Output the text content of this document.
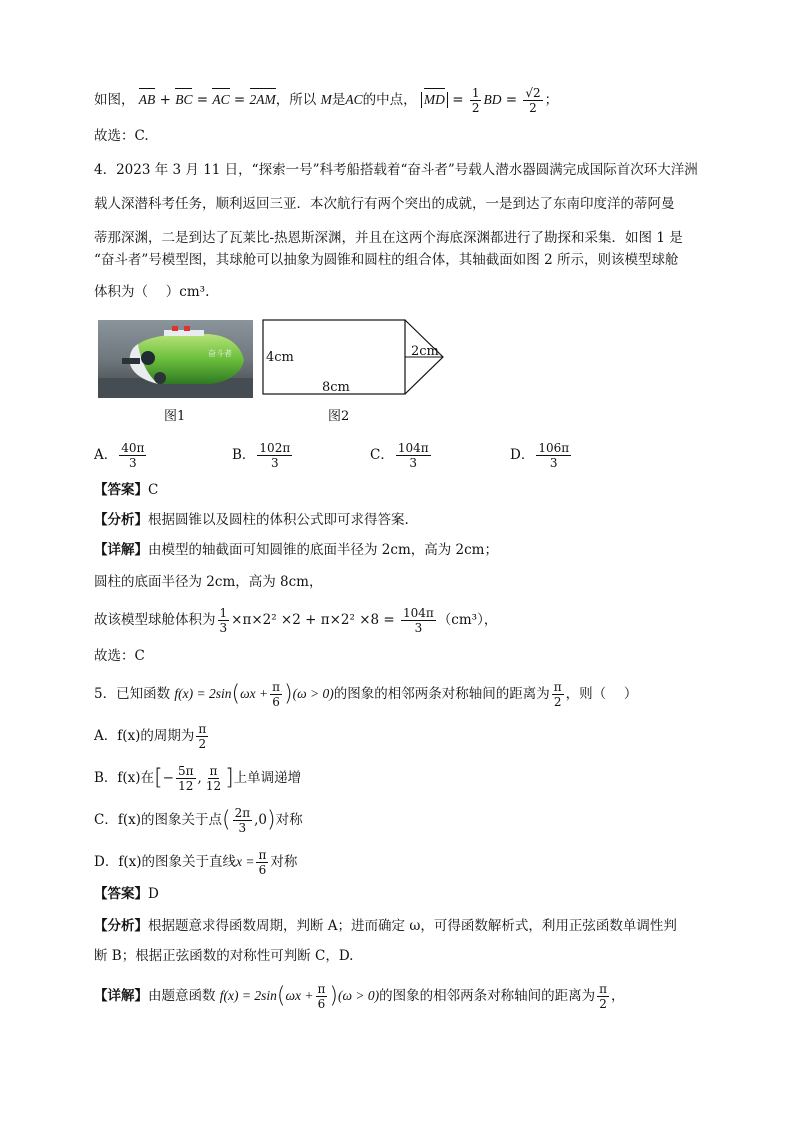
如图， AB + BC = AC = 2AM，所以 M是AC的中点， MD = $\frac{1}{2}$ BD = $\frac{√2}{2}$ ；
故选：C.
4．2023 年 3 月 11 日，“探索一号”科考船搭载着“奋斗者”号载人潜水器圆满完成国际首次环大洋洲
载人深潜科考任务，顺利返回三亚．本次航行有两个突出的成就，一是到达了东南印度洋的蒂阿曼
蒂那深渊，二是到达了瓦莱比-热恩斯深渊，并且在这两个海底深渊都进行了勘探和采集．如图 1 是
“奋斗者”号模型图，其球舱可以抽象为圆锥和圆柱的组合体，其轴截面如图 2 所示，则该模型球舱
体积为（　 ）cm³.
奋斗者
图1
4cm
8cm
2cm
图2
A． $\frac{40\pi}{3}$	B． $\frac{102\pi}{3}$	C． $\frac{104\pi}{3}$	D． $\frac{106\pi}{3}$
【答案】C
【分析】根据圆锥以及圆柱的体积公式即可求得答案.
【详解】由模型的轴截面可知圆锥的底面半径为 2cm，高为 2cm；
圆柱的底面半径为 2cm，高为 8cm，
故该模型球舱体积为 $\frac{1}{3} \times\pi\times 2^2 \times 2 + \pi\times 2^2 \times 8 = \frac{104\pi}{3} (cm^3)$，
故选：C
5．已知函数 $f(x) = 2\sin(\omega x + \frac{\pi}{6} )(\omega > 0)$的图象的相邻两条对称轴间的距离为 $\frac{\pi}{2}$ ，则（　 ）
A．f(x)的周期为 $\frac{\pi}{2}$
B．f(x)在[− $\frac{5\pi}{12}$ , $\frac{\pi}{12}$ ]上单调递增
C．f(x)的图象关于点( $\frac{2\pi}{3} ,0$)对称
D．f(x)的图象关于直线$x = \frac{\pi}{6}$ 对称
【答案】D
【分析】根据题意求得函数周期，判断 A；进而确定 ω，可得函数解析式，利用正弦函数单调性判
断 B；根据正弦函数的对称性可判断 C，D.
【详解】由题意函数 $f(x) = 2\sin(\omega x + \frac{\pi}{6} )(\omega > 0)$的图象的相邻两条对称轴间的距离为 $\frac{\pi}{2}$ ，
